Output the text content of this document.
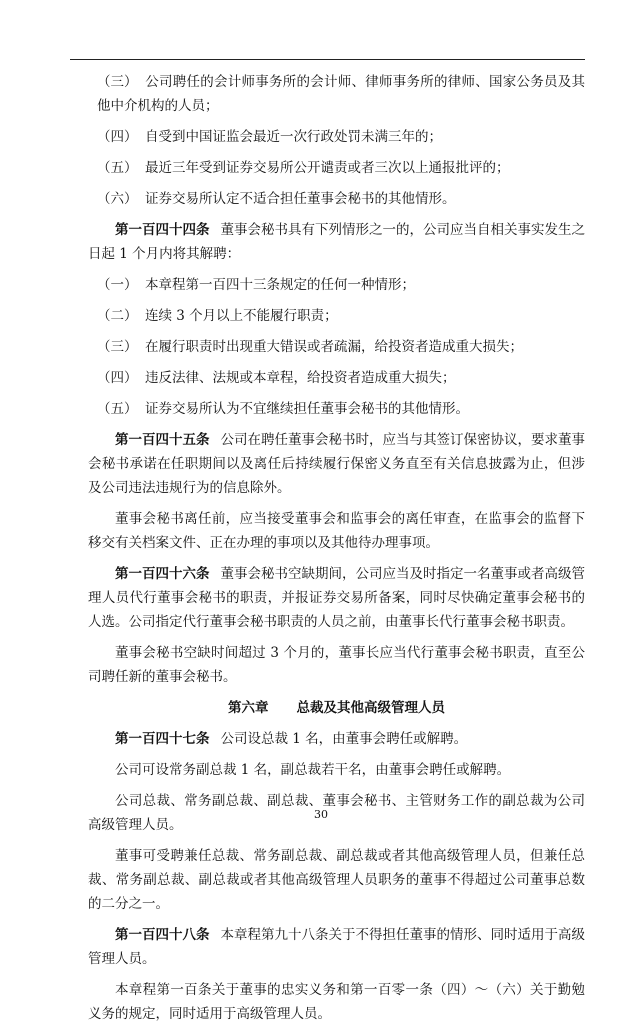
（三） 公司聘任的会计师事务所的会计师、律师事务所的律师、国家公务员及其他中介机构的人员；

（四） 自受到中国证监会最近一次行政处罚未满三年的；

（五） 最近三年受到证券交易所公开谴责或者三次以上通报批评的；

（六） 证券交易所认定不适合担任董事会秘书的其他情形。

第一百四十四条 董事会秘书具有下列情形之一的，公司应当自相关事实发生之日起 1 个月内将其解聘：

（一） 本章程第一百四十三条规定的任何一种情形；

（二） 连续 3 个月以上不能履行职责；

（三） 在履行职责时出现重大错误或者疏漏，给投资者造成重大损失；

（四） 违反法律、法规或本章程，给投资者造成重大损失；

（五） 证券交易所认为不宜继续担任董事会秘书的其他情形。

第一百四十五条 公司在聘任董事会秘书时，应当与其签订保密协议，要求董事会秘书承诺在任职期间以及离任后持续履行保密义务直至有关信息披露为止，但涉及公司违法违规行为的信息除外。

董事会秘书离任前，应当接受董事会和监事会的离任审查，在监事会的监督下移交有关档案文件、正在办理的事项以及其他待办理事项。

第一百四十六条 董事会秘书空缺期间，公司应当及时指定一名董事或者高级管理人员代行董事会秘书的职责，并报证券交易所备案，同时尽快确定董事会秘书的人选。公司指定代行董事会秘书职责的人员之前，由董事长代行董事会秘书职责。

董事会秘书空缺时间超过 3 个月的，董事长应当代行董事会秘书职责，直至公司聘任新的董事会秘书。

第六章 总裁及其他高级管理人员

第一百四十七条 公司设总裁 1 名，由董事会聘任或解聘。

公司可设常务副总裁 1 名，副总裁若干名，由董事会聘任或解聘。

公司总裁、常务副总裁、副总裁、董事会秘书、主管财务工作的副总裁为公司高级管理人员。

董事可受聘兼任总裁、常务副总裁、副总裁或者其他高级管理人员，但兼任总裁、常务副总裁、副总裁或者其他高级管理人员职务的董事不得超过公司董事总数的二分之一。

第一百四十八条 本章程第九十八条关于不得担任董事的情形、同时适用于高级管理人员。

本章程第一百条关于董事的忠实义务和第一百零一条（四）～（六）关于勤勉义务的规定，同时适用于高级管理人员。

30
